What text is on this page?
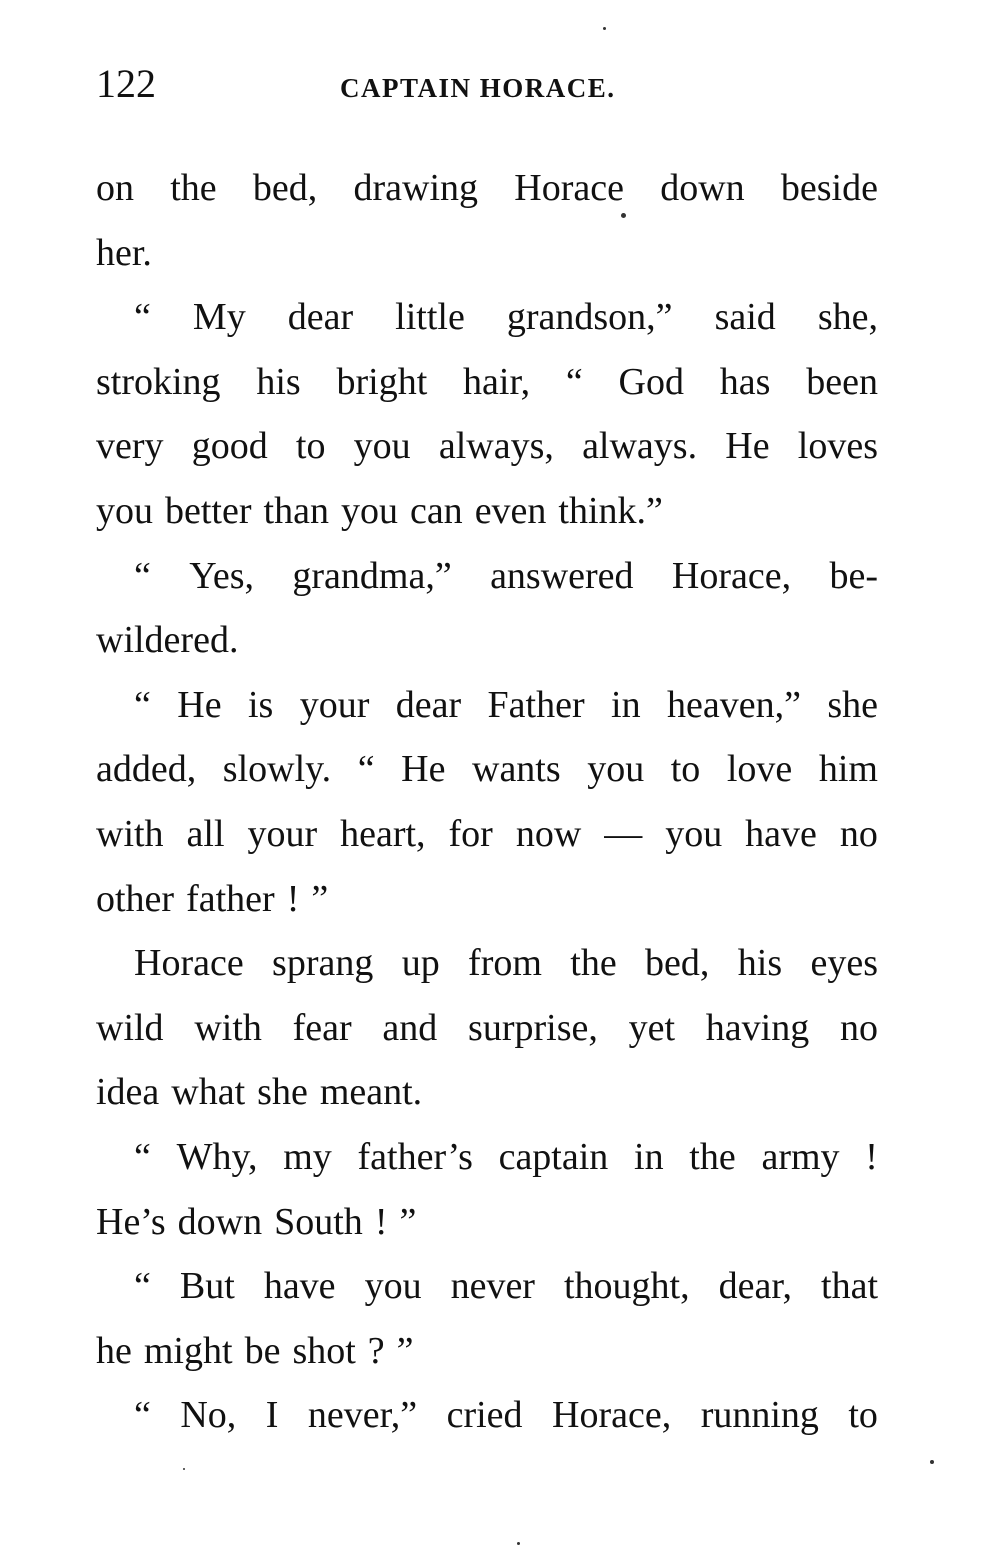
122	CAPTAIN HORACE.
on the bed, drawing Horace down beside
her.
“ My dear little grandson,” said she,
stroking his bright hair, “ God has been
very good to you always, always. He loves
you better than you can even think.”
“ Yes, grandma,” answered Horace, be-
wildered.
“ He is your dear Father in heaven,” she
added, slowly. “ He wants you to love him
with all your heart, for now — you have no
other father ! ”
Horace sprang up from the bed, his eyes
wild with fear and surprise, yet having no
idea what she meant.
“ Why, my father’s captain in the army !
He’s down South ! ”
“ But have you never thought, dear, that
he might be shot ? ”
“ No, I never,” cried Horace, running to
